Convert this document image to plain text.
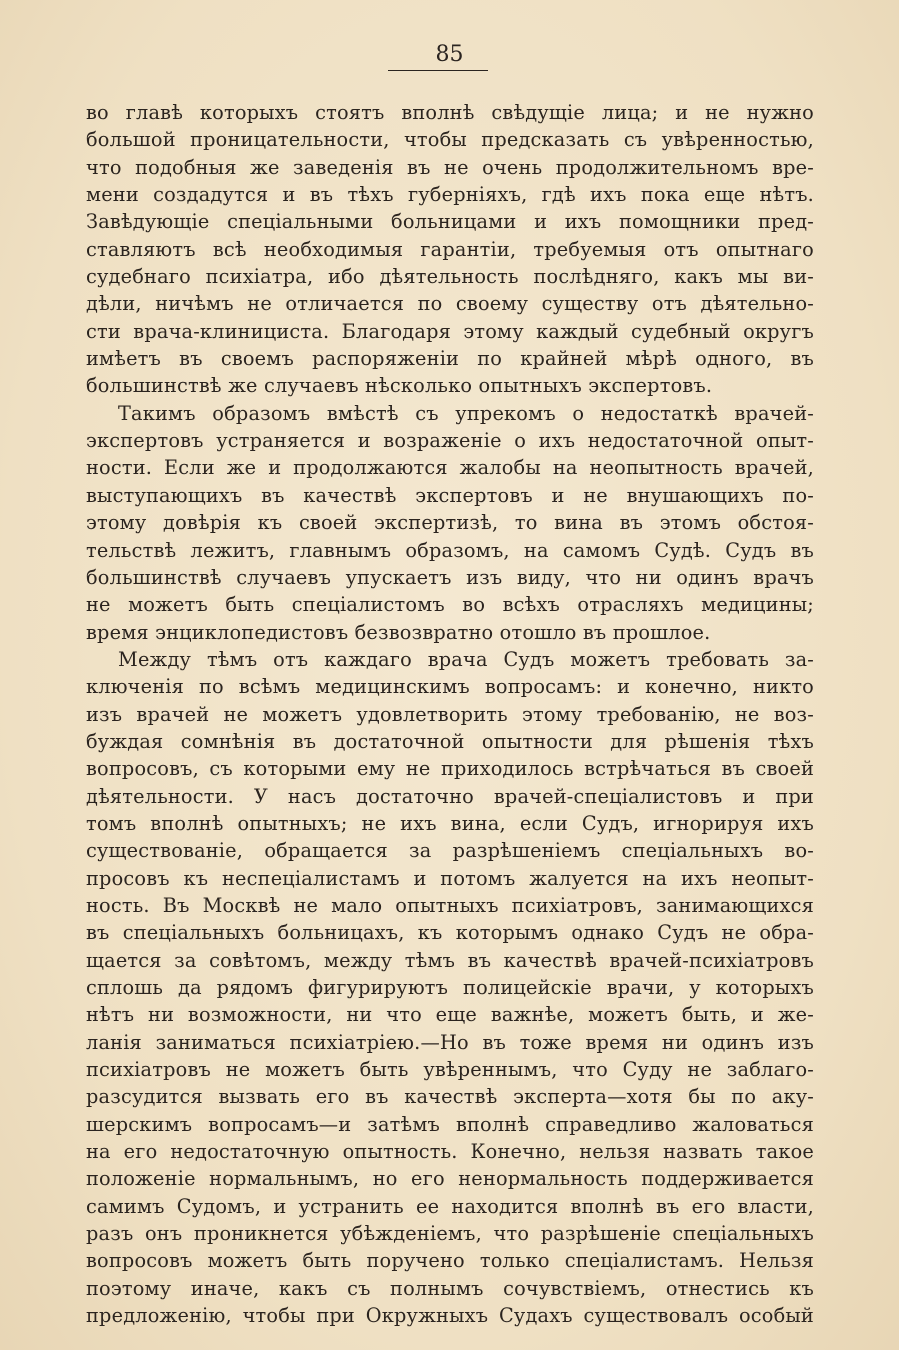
85
во главѣ которыхъ стоятъ вполнѣ свѣдущіе лица; и не нужно
большой проницательности, чтобы предсказать съ увѣренностью,
что подобныя же заведенія въ не очень продолжительномъ вре-
мени создадутся и въ тѣхъ губерніяхъ, гдѣ ихъ пока еще нѣтъ.
Завѣдующіе спеціальными больницами и ихъ помощники пред-
ставляютъ всѣ необходимыя гарантіи, требуемыя отъ опытнаго
судебнаго психіатра, ибо дѣятельность послѣдняго, какъ мы ви-
дѣли, ничѣмъ не отличается по своему существу отъ дѣятельно-
сти врача-клинициста. Благодаря этому каждый судебный округъ
имѣетъ въ своемъ распоряженіи по крайней мѣрѣ одного, въ
большинствѣ же случаевъ нѣсколько опытныхъ экспертовъ.
Такимъ образомъ вмѣстѣ съ упрекомъ о недостаткѣ врачей-
экспертовъ устраняется и возраженіе о ихъ недостаточной опыт-
ности. Если же и продолжаются жалобы на неопытность врачей,
выступающихъ въ качествѣ экспертовъ и не внушающихъ по-
этому довѣрія къ своей экспертизѣ, то вина въ этомъ обстоя-
тельствѣ лежитъ, главнымъ образомъ, на самомъ Судѣ. Судъ въ
большинствѣ случаевъ упускаетъ изъ виду, что ни одинъ врачъ
не можетъ быть спеціалистомъ во всѣхъ отрасляхъ медицины;
время энциклопедистовъ безвозвратно отошло въ прошлое.
Между тѣмъ отъ каждаго врача Судъ можетъ требовать за-
ключенія по всѣмъ медицинскимъ вопросамъ: и конечно, никто
изъ врачей не можетъ удовлетворить этому требованію, не воз-
буждая сомнѣнія въ достаточной опытности для рѣшенія тѣхъ
вопросовъ, съ которыми ему не приходилось встрѣчаться въ своей
дѣятельности. У насъ достаточно врачей-спеціалистовъ и при
томъ вполнѣ опытныхъ; не ихъ вина, если Судъ, игнорируя ихъ
существованіе, обращается за разрѣшеніемъ спеціальныхъ во-
просовъ къ неспеціалистамъ и потомъ жалуется на ихъ неопыт-
ность. Въ Москвѣ не мало опытныхъ психіатровъ, занимающихся
въ спеціальныхъ больницахъ, къ которымъ однако Судъ не обра-
щается за совѣтомъ, между тѣмъ въ качествѣ врачей-психіатровъ
сплошь да рядомъ фигурируютъ полицейскіе врачи, у которыхъ
нѣтъ ни возможности, ни что еще важнѣе, можетъ быть, и же-
ланія заниматься психіатріею.—Но въ тоже время ни одинъ изъ
психіатровъ не можетъ быть увѣреннымъ, что Суду не заблаго-
разсудится вызвать его въ качествѣ эксперта—хотя бы по аку-
шерскимъ вопросамъ—и затѣмъ вполнѣ справедливо жаловаться
на его недостаточную опытность. Конечно, нельзя назвать такое
положеніе нормальнымъ, но его ненормальность поддерживается
самимъ Судомъ, и устранить ее находится вполнѣ въ его власти,
разъ онъ проникнется убѣжденіемъ, что разрѣшеніе спеціальныхъ
вопросовъ можетъ быть поручено только спеціалистамъ. Нельзя
поэтому иначе, какъ съ полнымъ сочувствіемъ, отнестись къ
предложенію, чтобы при Окружныхъ Судахъ существовалъ особый
